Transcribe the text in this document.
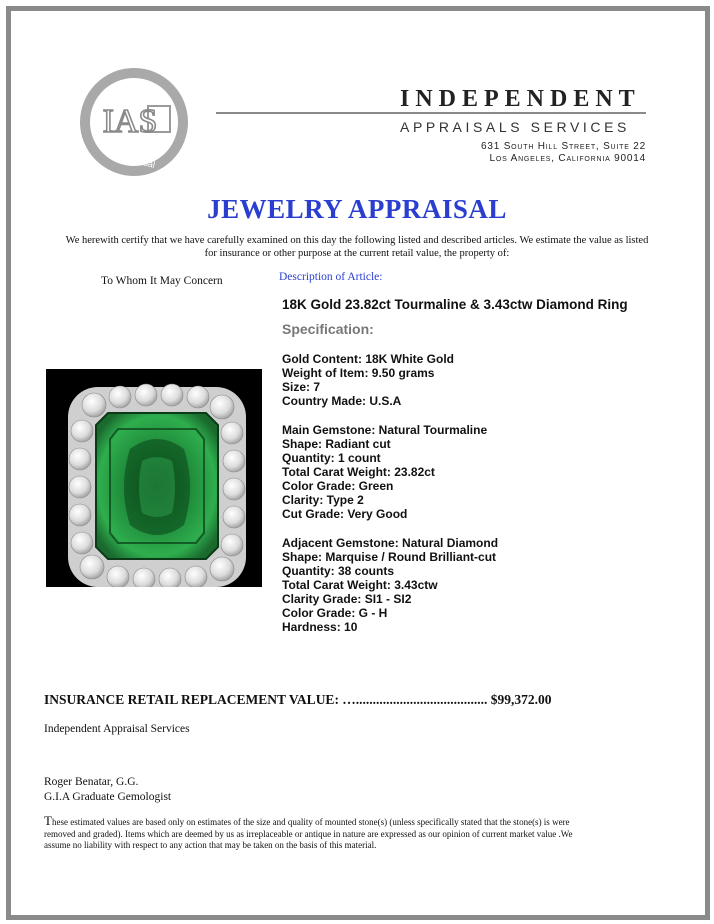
IAS
Appraisal
INDEPENDENT
APPRAISALS SERVICES
631 South Hill Street, Suite 22
Los Angeles, California 90014
JEWELRY APPRAISAL
We herewith certify that we have carefully examined on this day the following listed and described articles. We estimate the value as listed for insurance or other purpose at the current retail value, the property of:
To Whom It May Concern	Description of Article:
18K Gold 23.82ct Tourmaline & 3.43ctw Diamond Ring
Specification:
Gold Content: 18K White Gold
Weight of Item: 9.50 grams
Size: 7
Country Made: U.S.A
Main Gemstone: Natural Tourmaline
Shape: Radiant cut
Quantity: 1 count
Total Carat Weight: 23.82ct
Color Grade: Green
Clarity: Type 2
Cut Grade: Very Good
Adjacent Gemstone: Natural Diamond
Shape: Marquise / Round Brilliant-cut
Quantity: 38 counts
Total Carat Weight: 3.43ctw
Clarity Grade: SI1 - SI2
Color Grade: G - H
Hardness: 10
INSURANCE RETAIL REPLACEMENT VALUE: …....................................... $99,372.00
Independent Appraisal Services
Roger Benatar, G.G.
G.I.A Graduate Gemologist
These estimated values are based only on estimates of the size and quality of mounted stone(s) (unless specifically stated that the stone(s) is were removed and graded). Items which are deemed by us as irreplaceable or antique in nature are expressed as our opinion of current market value .We assume no liability with respect to any action that may be taken on the basis of this material.
